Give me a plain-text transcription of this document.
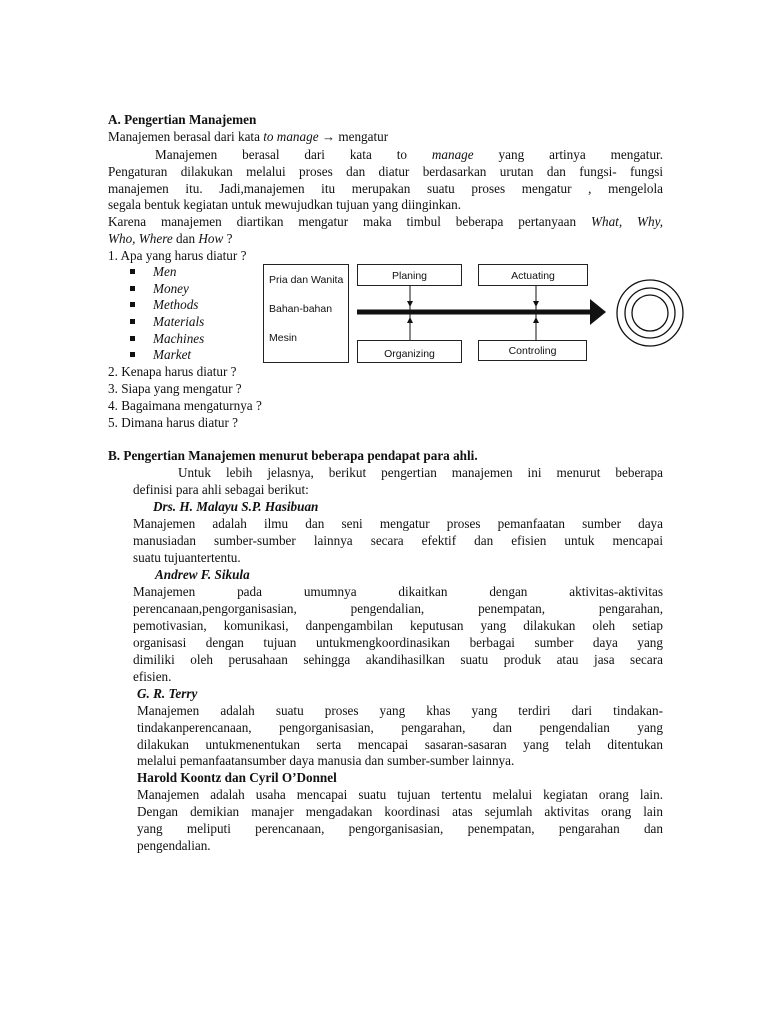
A. Pengertian Manajemen
Manajemen berasal dari kata to manage → mengatur
Manajemen berasal dari kata to manage yang artinya mengatur.
Pengaturan dilakukan melalui proses dan diatur berdasarkan urutan dan fungsi- fungsi
manajemen itu. Jadi,manajemen itu merupakan suatu proses mengatur , mengelola
segala bentuk kegiatan untuk mewujudkan tujuan yang diinginkan.
Karena manajemen diartikan mengatur maka timbul beberapa pertanyaan What, Why,
Who, Where dan How ?
1. Apa yang harus diatur ?
Men
Money
Methods
Materials
Machines
Market
2. Kenapa harus diatur ?
3. Siapa yang mengatur ?
4. Bagaimana mengaturnya ?
5. Dimana harus diatur ?
Pria dan Wanita
Bahan-bahan
Mesin
Planing	Actuating
Organizing	Controling
B. Pengertian Manajemen menurut beberapa pendapat para ahli.
Untuk lebih jelasnya, berikut pengertian manajemen ini menurut beberapa
definisi para ahli sebagai berikut:
Drs. H. Malayu S.P. Hasibuan
Manajemen adalah ilmu dan seni mengatur proses pemanfaatan sumber daya
manusiadan sumber-sumber lainnya secara efektif dan efisien untuk mencapai
suatu tujuantertentu.
Andrew F. Sikula
Manajemen pada umumnya dikaitkan dengan aktivitas-aktivitas
perencanaan,pengorganisasian, pengendalian, penempatan, pengarahan,
pemotivasian, komunikasi, danpengambilan keputusan yang dilakukan oleh setiap
organisasi dengan tujuan untukmengkoordinasikan berbagai sumber daya yang
dimiliki oleh perusahaan sehingga akandihasilkan suatu produk atau jasa secara
efisien.
G. R. Terry
Manajemen adalah suatu proses yang khas yang terdiri dari tindakan-
tindakanperencanaan, pengorganisasian, pengarahan, dan pengendalian yang
dilakukan untukmenentukan serta mencapai sasaran-sasaran yang telah ditentukan
melalui pemanfaatansumber daya manusia dan sumber-sumber lainnya.
Harold Koontz dan Cyril O’Donnel
Manajemen adalah usaha mencapai suatu tujuan tertentu melalui kegiatan orang lain.
Dengan demikian manajer mengadakan koordinasi atas sejumlah aktivitas orang lain
yang meliputi perencanaan, pengorganisasian, penempatan, pengarahan dan
pengendalian.
